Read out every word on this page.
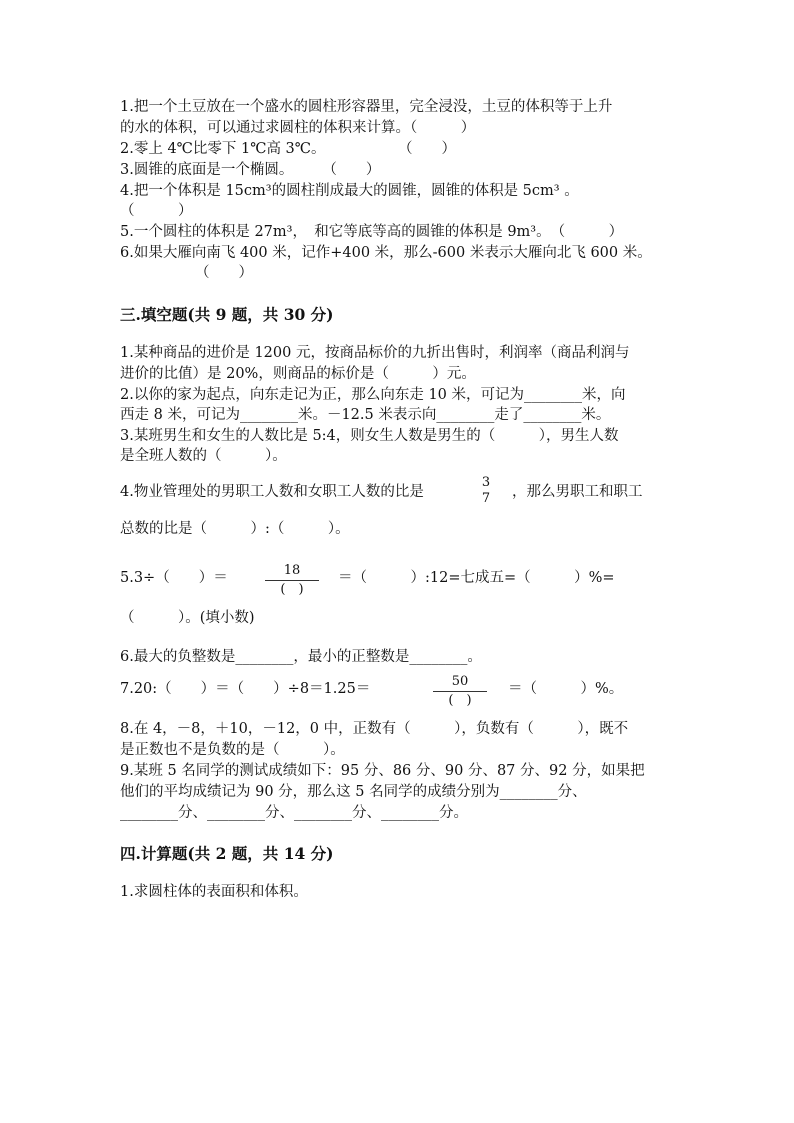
1.把一个土豆放在一个盛水的圆柱形容器里，完全浸没，土豆的体积等于上升
的水的体积，可以通过求圆柱的体积来计算。（　　　）
2.零上 4℃比零下 1℃高 3℃。　　　　　　（　　）
3.圆锥的底面是一个椭圆。　　　（　　）
4.把一个体积是 15cm³的圆柱削成最大的圆锥，圆锥的体积是 5cm³ 。
（　　　）
5.一个圆柱的体积是 27m³，　和它等底等高的圆锥的体积是 9m³。　（　　　）
6.如果大雁向南飞 400 米，记作+400 米，那么-600 米表示大雁向北飞 600 米。
（　　）
三.填空题(共 9 题，共 30 分)
1.某种商品的进价是 1200 元，按商品标价的九折出售时，利润率（商品利润与
进价的比值）是 20%，则商品的标价是（　　　）元。
2.以你的家为起点，向东走记为正，那么向东走 10 米，可记为________米，向
西走 8 米，可记为________米。－12.5 米表示向________走了________米。
3.某班男生和女生的人数比是 5:4，则女生人数是男生的（　　　），男生人数
是全班人数的（　　　）。
4.物业管理处的男职工人数和女职工人数的比是
3
7	，那么男职工和职工
总数的比是（　　　）:（　　　）。
5.3÷（　　）＝	18
(　)
＝（　　　）:12=七成五=（　　　）%=
（　　　）。(填小数)
6.最大的负整数是________，最小的正整数是________。
7.20:（　　）＝（　　）÷8＝1.25＝	50
(　)
＝（　　　）%。
8.在 4，－8，＋10，－12，0 中，正数有（　　　），负数有（　　　），既不
是正数也不是负数的是（　　　）。
9.某班 5 名同学的测试成绩如下：95 分、86 分、90 分、87 分、92 分，如果把
他们的平均成绩记为 90 分，那么这 5 名同学的成绩分别为________分、
________分、________分、________分、________分。
四.计算题(共 2 题，共 14 分)
1.求圆柱体的表面积和体积。
